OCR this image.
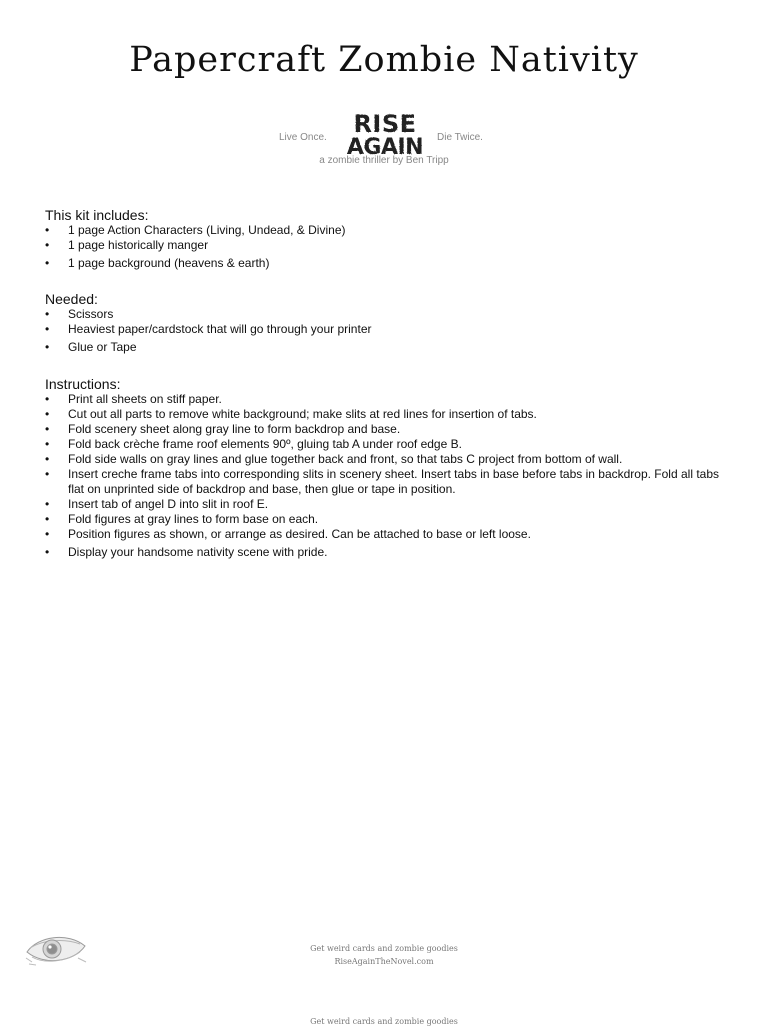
Papercraft Zombie Nativity
Live Once. RISE
AGAIN Die Twice.
a zombie thriller by Ben Tripp
This kit includes:
• 1 page Action Characters (Living, Undead, & Divine)
• 1 page historically manger
• 1 page background (heavens & earth)
Needed:
• Scissors
• Heaviest paper/cardstock that will go through your printer
• Glue or Tape
Instructions:
• Print all sheets on stiff paper.
• Cut out all parts to remove white background; make slits at red lines for insertion of tabs.
• Fold scenery sheet along gray line to form backdrop and base.
• Fold back crèche frame roof elements 90º, gluing tab A under roof edge B.
• Fold side walls on gray lines and glue together back and front, so that tabs C project from bottom of wall.
• Insert creche frame tabs into corresponding slits in scenery sheet. Insert tabs in base before tabs in backdrop. Fold all tabs flat on unprinted side of backdrop and base, then glue or tape in position.
• Insert tab of angel D into slit in roof E.
• Fold figures at gray lines to form base on each.
• Position figures as shown, or arrange as desired. Can be attached to base or left loose.
• Display your handsome nativity scene with pride.
Get weird cards and zombie goodies
RiseAgainTheNovel.com
Get weird cards and zombie goodies
